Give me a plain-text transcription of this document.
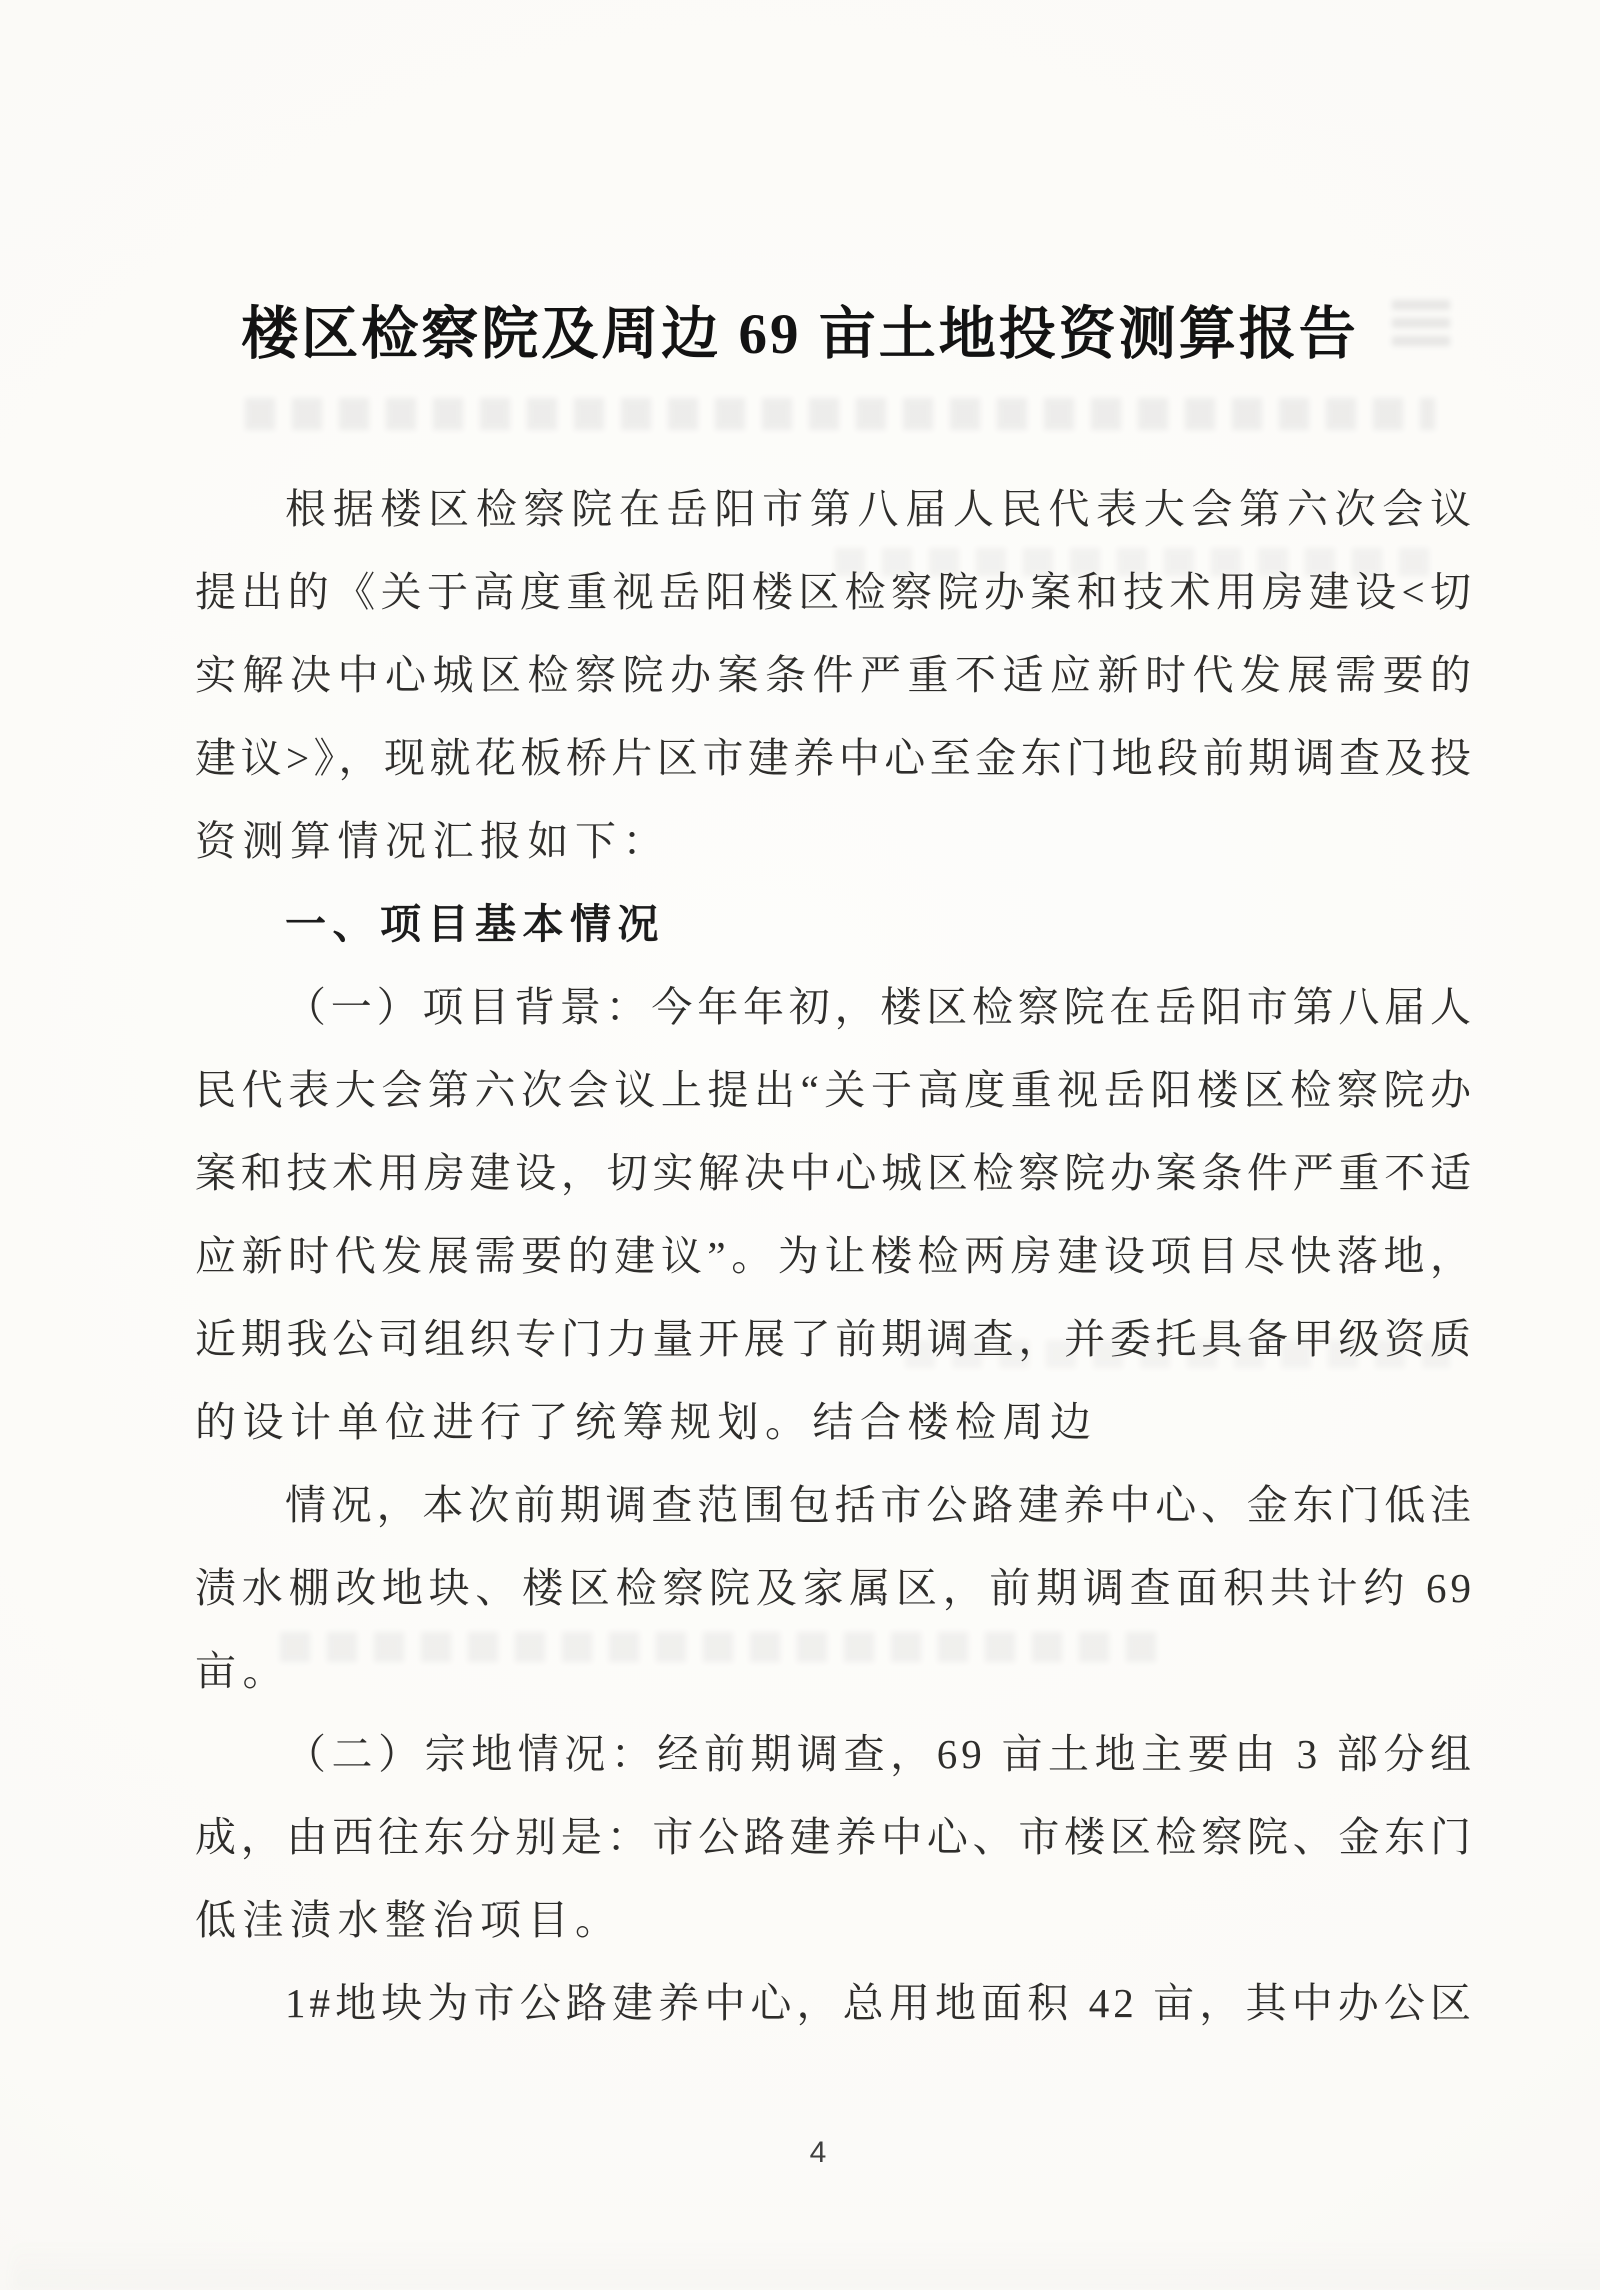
楼区检察院及周边 69 亩土地投资测算报告
根据楼区检察院在岳阳市第八届人民代表大会第六次会议
提出的《关于高度重视岳阳楼区检察院办案和技术用房建设<切
实解决中心城区检察院办案条件严重不适应新时代发展需要的
建议>》，现就花板桥片区市建养中心至金东门地段前期调查及投
资测算情况汇报如下：
一、项目基本情况
（一）项目背景：今年年初，楼区检察院在岳阳市第八届人
民代表大会第六次会议上提出“关于高度重视岳阳楼区检察院办
案和技术用房建设，切实解决中心城区检察院办案条件严重不适
应新时代发展需要的建议”。为让楼检两房建设项目尽快落地，
近期我公司组织专门力量开展了前期调查，并委托具备甲级资质
的设计单位进行了统筹规划。结合楼检周边
情况，本次前期调查范围包括市公路建养中心、金东门低洼
渍水棚改地块、楼区检察院及家属区，前期调查面积共计约 69
亩。
（二）宗地情况：经前期调查，69 亩土地主要由 3 部分组
成，由西往东分别是：市公路建养中心、市楼区检察院、金东门
低洼渍水整治项目。
1#地块为市公路建养中心，总用地面积 42 亩，其中办公区
4
